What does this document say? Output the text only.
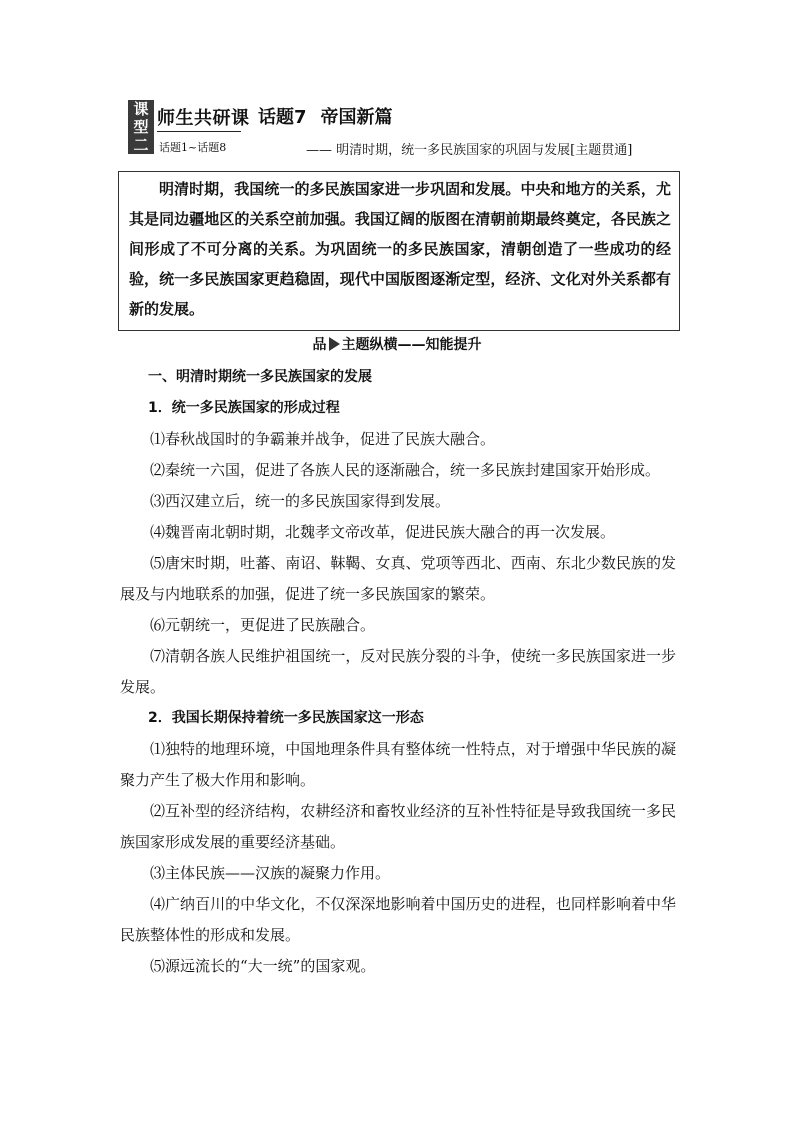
课
型
二
师生共研课
话题1~话题8
话题7 帝国新篇
—— 明清时期，统一多民族国家的巩固与发展[主题贯通]

明清时期，我国统一的多民族国家进一步巩固和发展。中央和地方的关系，尤其是同边疆地区的关系空前加强。我国辽阔的版图在清朝前期最终奠定，各民族之间形成了不可分离的关系。为巩固统一的多民族国家，清朝创造了一些成功的经验，统一多民族国家更趋稳固，现代中国版图逐渐定型，经济、文化对外关系都有新的发展。

品 主题纵横——知能提升

一、明清时期统一多民族国家的发展

1．统一多民族国家的形成过程

⑴春秋战国时的争霸兼并战争，促进了民族大融合。

⑵秦统一六国，促进了各族人民的逐渐融合，统一多民族封建国家开始形成。

⑶西汉建立后，统一的多民族国家得到发展。

⑷魏晋南北朝时期，北魏孝文帝改革，促进民族大融合的再一次发展。

⑸唐宋时期，吐蕃、南诏、靺鞨、女真、党项等西北、西南、东北少数民族的发展及与内地联系的加强，促进了统一多民族国家的繁荣。

⑹元朝统一，更促进了民族融合。

⑺清朝各族人民维护祖国统一，反对民族分裂的斗争，使统一多民族国家进一步发展。

2．我国长期保持着统一多民族国家这一形态

⑴独特的地理环境，中国地理条件具有整体统一性特点，对于增强中华民族的凝聚力产生了极大作用和影响。

⑵互补型的经济结构，农耕经济和畜牧业经济的互补性特征是导致我国统一多民族国家形成发展的重要经济基础。

⑶主体民族——汉族的凝聚力作用。

⑷广纳百川的中华文化，不仅深深地影响着中国历史的进程，也同样影响着中华民族整体性的形成和发展。

⑸源远流长的“大一统”的国家观。
